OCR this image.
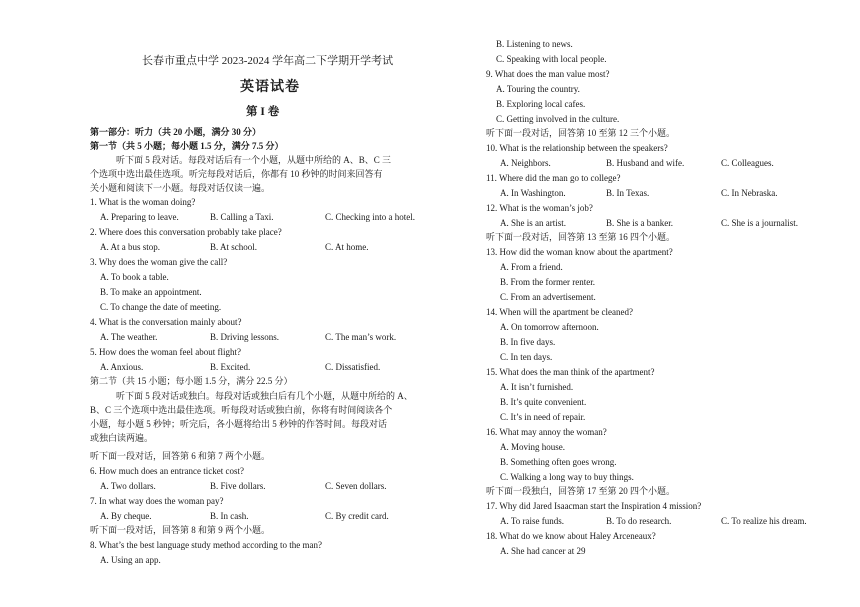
长春市重点中学 2023-2024 学年高二下学期开学考试
英语试卷
第 I 卷
第一部分：听力（共 20 小题，满分 30 分）
第一节（共 5 小题；每小题 1.5 分，满分 7.5 分）
听下面 5 段对话。每段对话后有一个小题，从题中所给的 A、B、C 三
个选项中选出最佳选项。听完每段对话后，你都有 10 秒钟的时间来回答有
关小题和阅读下一小题。每段对话仅读一遍。
1. What is the woman doing?
A. Preparing to leave.	B. Calling a Taxi.	C. Checking into a hotel.
2. Where does this conversation probably take place?
A. At a bus stop.	B. At school.	C. At home.
3. Why does the woman give the call?
A. To book a table.
B. To make an appointment.
C. To change the date of meeting.
4. What is the conversation mainly about?
A. The weather.	B. Driving lessons.	C. The man’s work.
5. How does the woman feel about flight?
A. Anxious.	B. Excited.	C. Dissatisfied.
第二节（共 15 小题；每小题 1.5 分，满分 22.5 分）
听下面 5 段对话或独白。每段对话或独白后有几个小题，从题中所给的 A、
B、C 三个选项中选出最佳选项。听每段对话或独白前，你将有时间阅读各个
小题，每小题 5 秒钟；听完后，各小题将给出 5 秒钟的作答时间。每段对话
或独白读两遍。
听下面一段对话，回答第 6 和第 7 两个小题。
6. How much does an entrance ticket cost?
A. Two dollars.	B. Five dollars.	C. Seven dollars.
7. In what way does the woman pay?
A. By cheque.	B. In cash.	C. By credit card.
听下面一段对话，回答第 8 和第 9 两个小题。
8. What’s the best language study method according to the man?
A. Using an app.
B. Listening to news.
C. Speaking with local people.
9. What does the man value most?
A. Touring the country.
B. Exploring local cafes.
C. Getting involved in the culture.
听下面一段对话，回答第 10 至第 12 三个小题。
10. What is the relationship between the speakers?
A. Neighbors.	B. Husband and wife.	C. Colleagues.
11. Where did the man go to college?
A. In Washington.	B. In Texas.	C. In Nebraska.
12. What is the woman’s job?
A. She is an artist.	B. She is a banker.	C. She is a journalist.
听下面一段对话，回答第 13 至第 16 四个小题。
13. How did the woman know about the apartment?
A. From a friend.
B. From the former renter.
C. From an advertisement.
14. When will the apartment be cleaned?
A. On tomorrow afternoon.
B. In five days.
C. In ten days.
15. What does the man think of the apartment?
A. It isn’t furnished.
B. It’s quite convenient.
C. It’s in need of repair.
16. What may annoy the woman?
A. Moving house.
B. Something often goes wrong.
C. Walking a long way to buy things.
听下面一段独白，回答第 17 至第 20 四个小题。
17. Why did Jared Isaacman start the Inspiration 4 mission?
A. To raise funds.	B. To do research.	C. To realize his dream.
18. What do we know about Haley Arceneaux?
A. She had cancer at 29
